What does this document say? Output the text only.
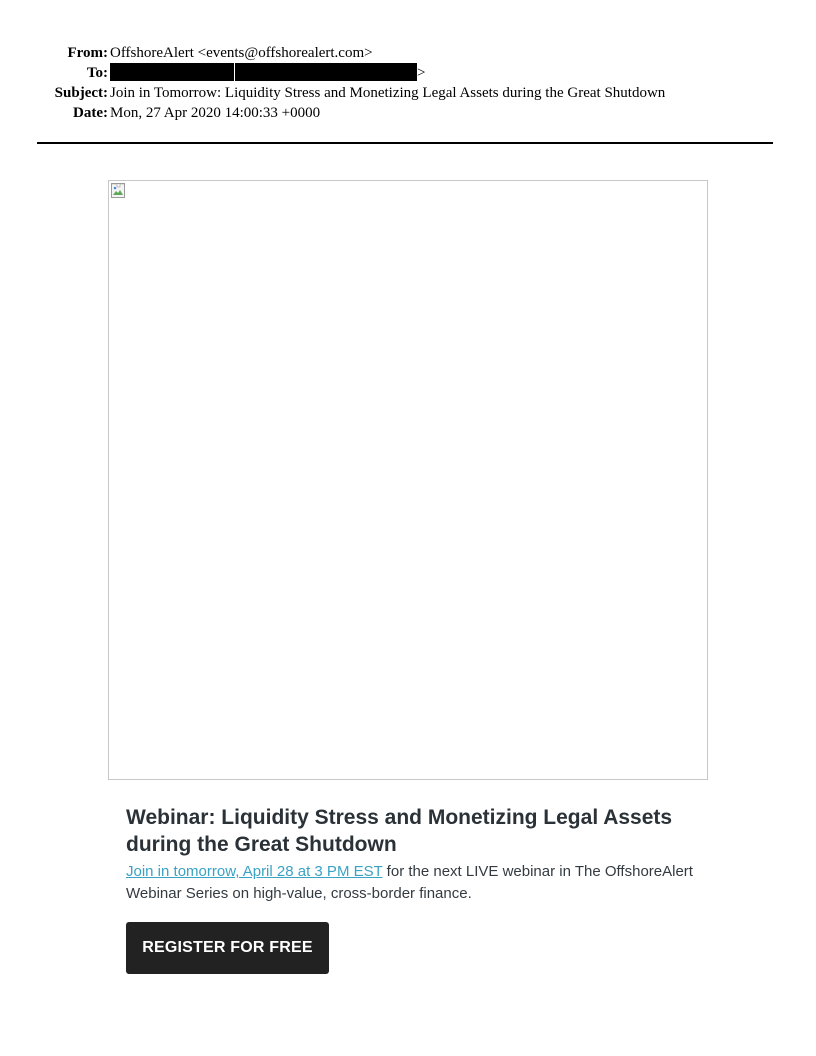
From: OffshoreAlert <events@offshorealert.com>
To:	>
Subject: Join in Tomorrow: Liquidity Stress and Monetizing Legal Assets during the Great Shutdown
Date: Mon, 27 Apr 2020 14:00:33 +0000
Webinar: Liquidity Stress and Monetizing Legal Assets during the Great Shutdown

Join in tomorrow, April 28 at 3 PM EST for the next LIVE webinar in The OffshoreAlert Webinar Series on high-value, cross-border finance.

REGISTER FOR FREE
